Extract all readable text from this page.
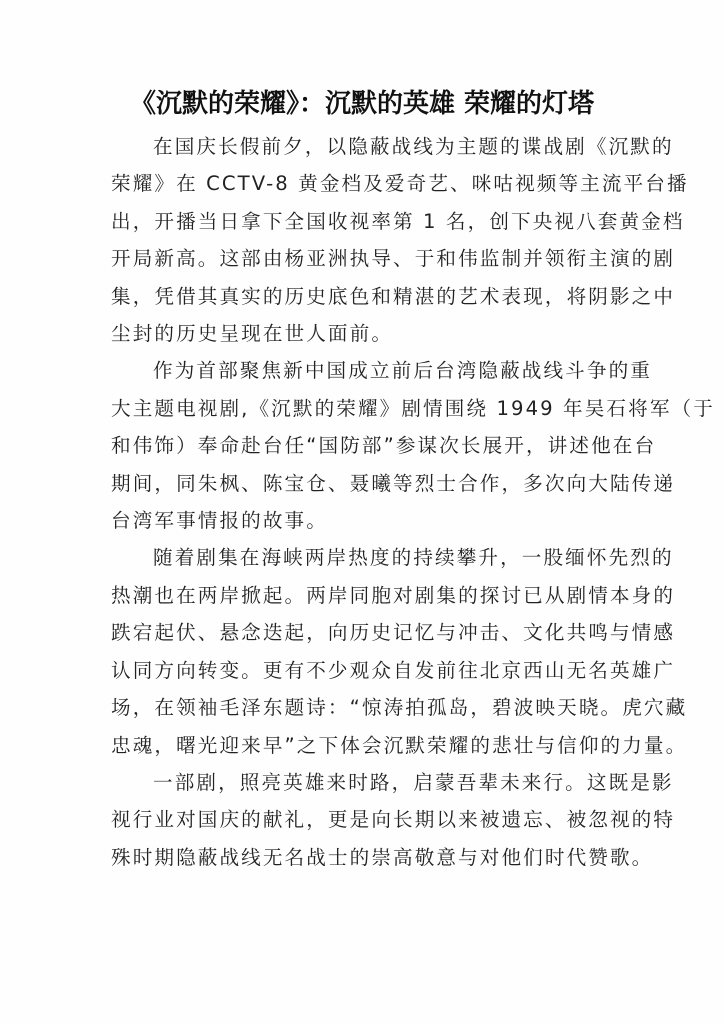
《沉默的荣耀》：沉默的英雄 荣耀的灯塔
在国庆长假前夕，以隐蔽战线为主题的谍战剧《沉默的
荣耀》在 CCTV-8 黄金档及爱奇艺、咪咕视频等主流平台播
出，开播当日拿下全国收视率第 1 名，创下央视八套黄金档
开局新高。这部由杨亚洲执导、于和伟监制并领衔主演的剧
集，凭借其真实的历史底色和精湛的艺术表现，将阴影之中
尘封的历史呈现在世人面前。
作为首部聚焦新中国成立前后台湾隐蔽战线斗争的重
大主题电视剧,《沉默的荣耀》剧情围绕 1949 年吴石将军（于
和伟饰）奉命赴台任“国防部”参谋次长展开，讲述他在台
期间，同朱枫、陈宝仓、聂曦等烈士合作，多次向大陆传递
台湾军事情报的故事。
随着剧集在海峡两岸热度的持续攀升，一股缅怀先烈的
热潮也在两岸掀起。两岸同胞对剧集的探讨已从剧情本身的
跌宕起伏、悬念迭起，向历史记忆与冲击、文化共鸣与情感
认同方向转变。更有不少观众自发前往北京西山无名英雄广
场，在领袖毛泽东题诗：“惊涛拍孤岛，碧波映天晓。虎穴藏
忠魂，曙光迎来早”之下体会沉默荣耀的悲壮与信仰的力量。
一部剧，照亮英雄来时路，启蒙吾辈未来行。这既是影
视行业对国庆的献礼，更是向长期以来被遗忘、被忽视的特
殊时期隐蔽战线无名战士的崇高敬意与对他们时代赞歌。
